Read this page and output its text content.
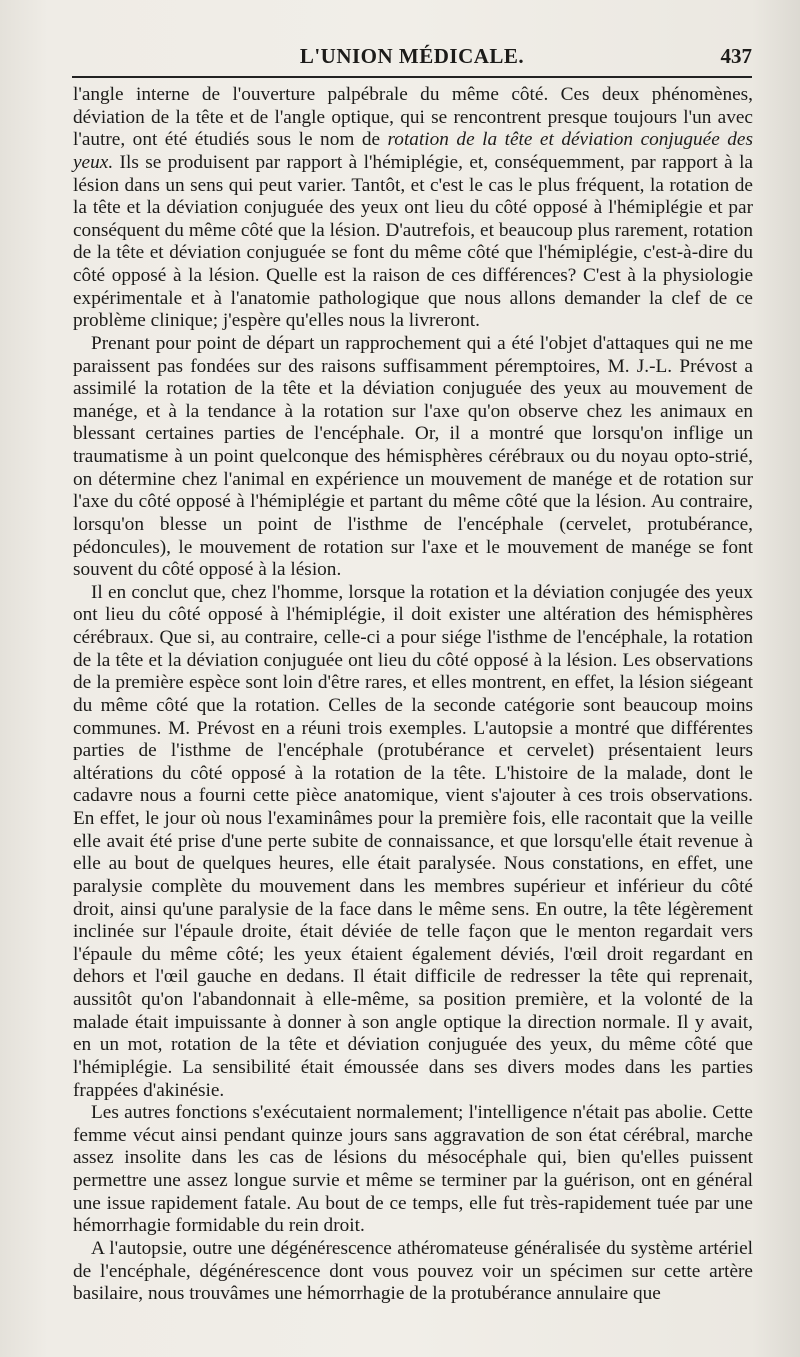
L'UNION MÉDICALE.	437

l'angle interne de l'ouverture palpébrale du même côté. Ces deux phénomènes, déviation de la tête et de l'angle optique, qui se rencontrent presque toujours l'un avec l'autre, ont été étudiés sous le nom de rotation de la tête et déviation conjuguée des yeux. Ils se produisent par rapport à l'hémiplégie, et, conséquemment, par rapport à la lésion dans un sens qui peut varier. Tantôt, et c'est le cas le plus fréquent, la rotation de la tête et la déviation conjuguée des yeux ont lieu du côté opposé à l'hémiplégie et par conséquent du même côté que la lésion. D'autrefois, et beaucoup plus rarement, rotation de la tête et déviation conjuguée se font du même côté que l'hémiplégie, c'est-à-dire du côté opposé à la lésion. Quelle est la raison de ces différences? C'est à la physiologie expérimentale et à l'anatomie pathologique que nous allons demander la clef de ce problème clinique; j'espère qu'elles nous la livreront.

Prenant pour point de départ un rapprochement qui a été l'objet d'attaques qui ne me paraissent pas fondées sur des raisons suffisamment péremptoires, M. J.-L. Prévost a assimilé la rotation de la tête et la déviation conjuguée des yeux au mouvement de manége, et à la tendance à la rotation sur l'axe qu'on observe chez les animaux en blessant certaines parties de l'encéphale. Or, il a montré que lorsqu'on inflige un traumatisme à un point quelconque des hémisphères cérébraux ou du noyau opto-strié, on détermine chez l'animal en expérience un mouvement de manége et de rotation sur l'axe du côté opposé à l'hémiplégie et partant du même côté que la lésion. Au contraire, lorsqu'on blesse un point de l'isthme de l'encéphale (cervelet, protubérance, pédoncules), le mouvement de rotation sur l'axe et le mouvement de manége se font souvent du côté opposé à la lésion.

Il en conclut que, chez l'homme, lorsque la rotation et la déviation conjugée des yeux ont lieu du côté opposé à l'hémiplégie, il doit exister une altération des hémisphères cérébraux. Que si, au contraire, celle-ci a pour siége l'isthme de l'encéphale, la rotation de la tête et la déviation conjuguée ont lieu du côté opposé à la lésion. Les observations de la première espèce sont loin d'être rares, et elles montrent, en effet, la lésion siégeant du même côté que la rotation. Celles de la seconde catégorie sont beaucoup moins communes. M. Prévost en a réuni trois exemples. L'autopsie a montré que différentes parties de l'isthme de l'encéphale (protubérance et cervelet) présentaient leurs altérations du côté opposé à la rotation de la tête. L'histoire de la malade, dont le cadavre nous a fourni cette pièce anatomique, vient s'ajouter à ces trois observations. En effet, le jour où nous l'examinâmes pour la première fois, elle racontait que la veille elle avait été prise d'une perte subite de connaissance, et que lorsqu'elle était revenue à elle au bout de quelques heures, elle était paralysée. Nous constations, en effet, une paralysie complète du mouvement dans les membres supérieur et inférieur du côté droit, ainsi qu'une paralysie de la face dans le même sens. En outre, la tête légèrement inclinée sur l'épaule droite, était déviée de telle façon que le menton regardait vers l'épaule du même côté; les yeux étaient également déviés, l'œil droit regardant en dehors et l'œil gauche en dedans. Il était difficile de redresser la tête qui reprenait, aussitôt qu'on l'abandonnait à elle-même, sa position première, et la volonté de la malade était impuissante à donner à son angle optique la direction normale. Il y avait, en un mot, rotation de la tête et déviation conjuguée des yeux, du même côté que l'hémiplégie. La sensibilité était émoussée dans ses divers modes dans les parties frappées d'akinésie.

Les autres fonctions s'exécutaient normalement; l'intelligence n'était pas abolie. Cette femme vécut ainsi pendant quinze jours sans aggravation de son état cérébral, marche assez insolite dans les cas de lésions du mésocéphale qui, bien qu'elles puissent permettre une assez longue survie et même se terminer par la guérison, ont en général une issue rapidement fatale. Au bout de ce temps, elle fut très-rapidement tuée par une hémorrhagie formidable du rein droit.

A l'autopsie, outre une dégénérescence athéromateuse généralisée du système artériel de l'encéphale, dégénérescence dont vous pouvez voir un spécimen sur cette artère basilaire, nous trouvâmes une hémorrhagie de la protubérance annulaire que
